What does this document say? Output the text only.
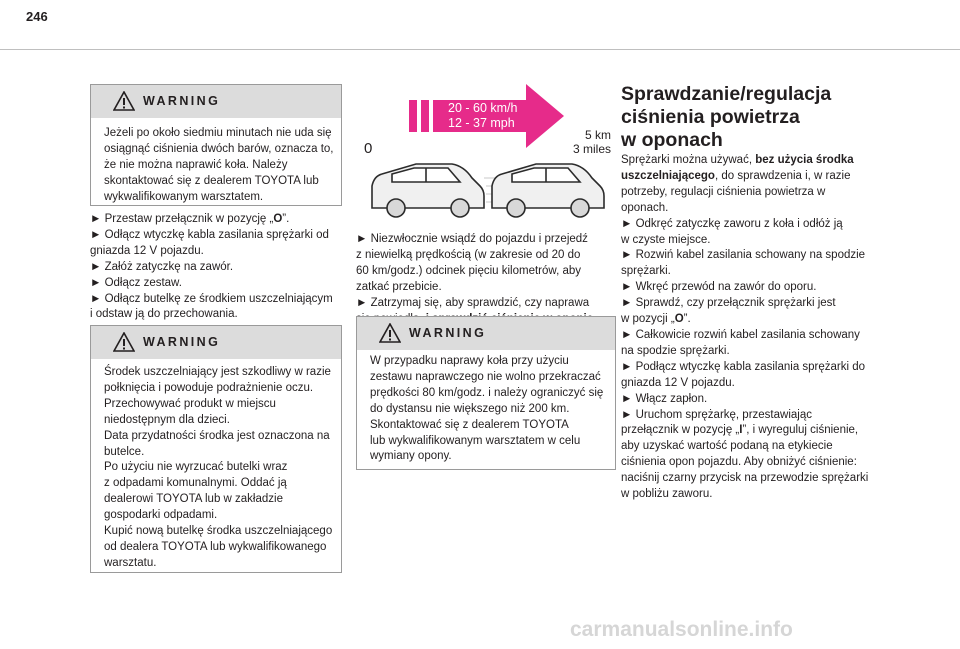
246
WARNING
Jeżeli po około siedmiu minutach nie uda się
osiągnąć ciśnienia dwóch barów, oznacza to,
że nie można naprawić koła. Należy
skontaktować się z dealerem TOYOTA lub
wykwalifikowanym warsztatem.

► Przestaw przełącznik w pozycję „O”.

► Odłącz wtyczkę kabla zasilania sprężarki od

gniazda 12 V pojazdu.

► Załóż zatyczkę na zawór.

► Odłącz zestaw.

► Odłącz butelkę ze środkiem uszczelniającym

i odstaw ją do przechowania.

WARNING
Środek uszczelniający jest szkodliwy w razie
połknięcia i powoduje podrażnienie oczu.
Przechowywać produkt w miejscu
niedostępnym dla dzieci.
Data przydatności środka jest oznaczona na
butelce.
Po użyciu nie wyrzucać butelki wraz
z odpadami komunalnymi. Oddać ją
dealerowi TOYOTA lub w zakładzie
gospodarki odpadami.
Kupić nową butelkę środka uszczelniającego
od dealera TOYOTA lub wykwalifikowanego
warsztatu.
20 - 60 km/h
12 - 37 mph
0
5 km
3 miles

► Niezwłocznie wsiądź do pojazdu i przejedź

z niewielką prędkością (w zakresie od 20 do

60 km/godz.) odcinek pięciu kilometrów, aby

zatkać przebicie.

► Zatrzymaj się, aby sprawdzić, czy naprawa

WARNING
W przypadku naprawy koła przy użyciu
zestawu naprawczego nie wolno przekraczać
prędkości 80 km/godz. i należy ograniczyć się
do dystansu nie większego niż 200 km.
Skontaktować się z dealerem TOYOTA
lub wykwalifikowanym warsztatem w celu
wymiany opony.
Sprawdzanie/regulacja
ciśnienia powietrza
w oponach

Sprężarki można używać, bez użycia środka

uszczelniającego, do sprawdzenia i, w razie

potrzeby, regulacji ciśnienia powietrza w

oponach.

► Odkręć zatyczkę zaworu z koła i odłóż ją

w czyste miejsce.

► Rozwiń kabel zasilania schowany na spodzie

sprężarki.

► Wkręć przewód na zawór do oporu.

► Sprawdź, czy przełącznik sprężarki jest

w pozycji „O”.

► Całkowicie rozwiń kabel zasilania schowany

na spodzie sprężarki.

► Podłącz wtyczkę kabla zasilania sprężarki do

gniazda 12 V pojazdu.

► Włącz zapłon.

► Uruchom sprężarkę, przestawiając

przełącznik w pozycję „I”, i wyreguluj ciśnienie,

aby uzyskać wartość podaną na etykiecie

ciśnienia opon pojazdu. Aby obniżyć ciśnienie:

naciśnij czarny przycisk na przewodzie sprężarki

w pobliżu zaworu.

carmanualsonline.info
